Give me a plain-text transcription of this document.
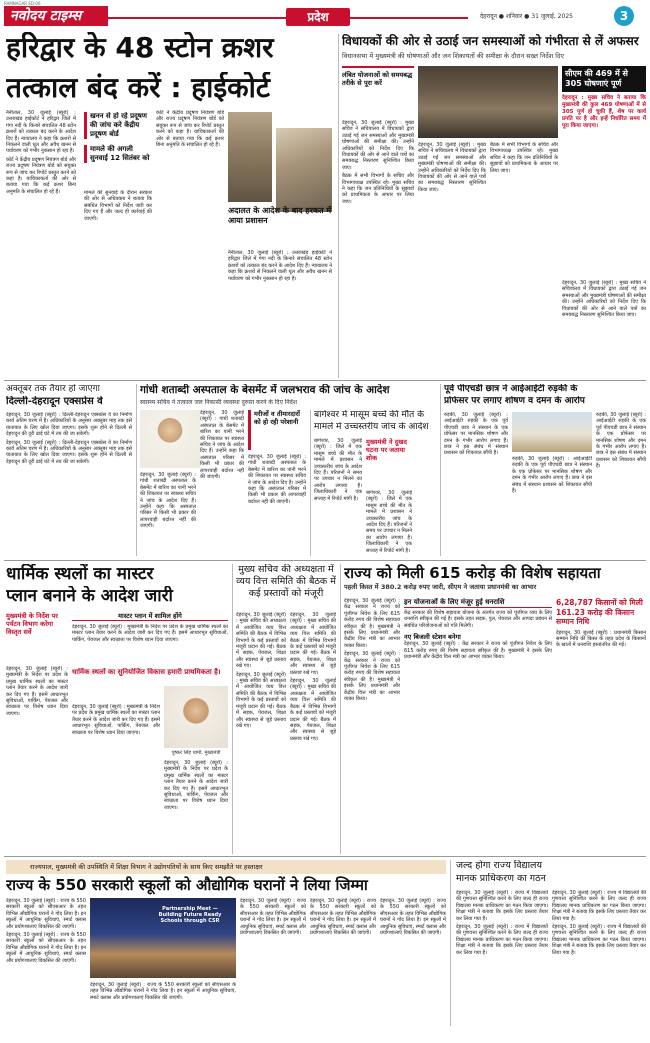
RAMNAGAR ED-06
नवोदय टाइम्स	प्रदेश	देहरादून ● शनिवार ● 31 जुलाई, 2025	3
हरिद्वार के 48 स्टोन क्रशर
तत्काल बंद करें : हाईकोर्ट

नैनीताल, 30 जुलाई (ब्यूरो) : उत्तराखंड हाईकोर्ट ने हरिद्वार जिले में गंगा नदी के किनारे संचालित 48 स्टोन क्रशरों को तत्काल बंद करने के आदेश दिए हैं। न्यायालय ने कहा कि क्रशरों से निकलने वाली धूल और अवैध खनन से पर्यावरण को गंभीर नुकसान हो रहा है।

कोर्ट ने केंद्रीय प्रदूषण नियंत्रण बोर्ड और राज्य प्रदूषण नियंत्रण बोर्ड को संयुक्त रूप से जांच कर रिपोर्ट प्रस्तुत करने को कहा है। याचिकाकर्ता की ओर से बताया गया कि कई क्रशर बिना अनुमति के संचालित हो रहे हैं।

खनन से हो रहे प्रदूषण की जांच करे केंद्रीय प्रदूषण बोर्ड
मामले की अगली सुनवाई 12 सितंबर को

मामले की सुनवाई के दौरान सरकार की ओर से अधिवक्ता ने बताया कि संबंधित विभागों को निर्देश जारी कर दिए गए हैं और जल्द ही कार्रवाई की जाएगी।

कोर्ट ने केंद्रीय प्रदूषण नियंत्रण बोर्ड और राज्य प्रदूषण नियंत्रण बोर्ड को संयुक्त रूप से जांच कर रिपोर्ट प्रस्तुत करने को कहा है। याचिकाकर्ता की ओर से बताया गया कि कई क्रशर बिना अनुमति के संचालित हो रहे हैं।

अदालत के आदेश के बाद हरकत में आया प्रशासन

नैनीताल, 30 जुलाई (ब्यूरो) : उत्तराखंड हाईकोर्ट ने हरिद्वार जिले में गंगा नदी के किनारे संचालित 48 स्टोन क्रशरों को तत्काल बंद करने के आदेश दिए हैं। न्यायालय ने कहा कि क्रशरों से निकलने वाली धूल और अवैध खनन से पर्यावरण को गंभीर नुकसान हो रहा है।

विधायकों की ओर से उठाई जन समस्याओं को गंभीरता से लें अफसर
विधानसभा में मुख्यमंत्री की घोषणाओं और जन शिकायतों की समीक्षा के दौरान सख्त निर्देश दिए
लंबित योजनाओं को समयबद्ध तरीके से पूरा करें
सीएम की 469 में से 305 घोषणाएं पूर्ण
देहरादून : मुख्य सचिव ने बताया कि मुख्यमंत्री की कुल 469 घोषणाओं में से 305 पूर्ण हो चुकी हैं, शेष पर कार्य प्रगति पर है और इन्हें निर्धारित समय में पूरा किया जाएगा।

देहरादून, 30 जुलाई (ब्यूरो) : मुख्य सचिव ने सचिवालय में विधायकों द्वारा उठाई गई जन समस्याओं और मुख्यमंत्री घोषणाओं की समीक्षा की। उन्होंने अधिकारियों को निर्देश दिए कि विधायकों की ओर से आने वाले पत्रों का समयबद्ध निस्तारण सुनिश्चित किया जाए।

बैठक में सभी विभागों के सचिव और विभागाध्यक्ष उपस्थित रहे। मुख्य सचिव ने कहा कि जन प्रतिनिधियों के सुझावों को प्राथमिकता के आधार पर लिया जाए।

देहरादून, 30 जुलाई (ब्यूरो) : मुख्य सचिव ने सचिवालय में विधायकों द्वारा उठाई गई जन समस्याओं और मुख्यमंत्री घोषणाओं की समीक्षा की। उन्होंने अधिकारियों को निर्देश दिए कि विधायकों की ओर से आने वाले पत्रों का समयबद्ध निस्तारण सुनिश्चित किया जाए।

बैठक में सभी विभागों के सचिव और विभागाध्यक्ष उपस्थित रहे। मुख्य सचिव ने कहा कि जन प्रतिनिधियों के सुझावों को प्राथमिकता के आधार पर लिया जाए।

देहरादून, 30 जुलाई (ब्यूरो) : मुख्य सचिव ने सचिवालय में विधायकों द्वारा उठाई गई जन समस्याओं और मुख्यमंत्री घोषणाओं की समीक्षा की। उन्होंने अधिकारियों को निर्देश दिए कि विधायकों की ओर से आने वाले पत्रों का समयबद्ध निस्तारण सुनिश्चित किया जाए।

अक्तूबर तक तैयार हो जाएगा
दिल्ली-देहरादून एक्सप्रेस वे

देहरादून, 30 जुलाई (ब्यूरो) : दिल्ली-देहरादून एक्सप्रेस वे का निर्माण कार्य अंतिम चरण में है। अधिकारियों के अनुसार अक्तूबर माह तक इसे यातायात के लिए खोल दिया जाएगा। इसके शुरू होने से दिल्ली से देहरादून की दूरी ढाई घंटे में तय की जा सकेगी।

देहरादून, 30 जुलाई (ब्यूरो) : दिल्ली-देहरादून एक्सप्रेस वे का निर्माण कार्य अंतिम चरण में है। अधिकारियों के अनुसार अक्तूबर माह तक इसे यातायात के लिए खोल दिया जाएगा। इसके शुरू होने से दिल्ली से देहरादून की दूरी ढाई घंटे में तय की जा सकेगी।

गांधी शताब्दी अस्पताल के बेसमेंट में जलभराव की जांच के आदेश
स्वास्थ्य सचिव ने तत्काल जल निकासी व्यवस्था दुरुस्त करने के दिए निर्देश
मरीजों व तीमारदारों को हो रही परेशानी

देहरादून, 30 जुलाई (ब्यूरो) : गांधी शताब्दी अस्पताल के बेसमेंट में बारिश का पानी भरने की शिकायत पर स्वास्थ्य सचिव ने जांच के आदेश दिए हैं। उन्होंने कहा कि अस्पताल परिसर में किसी भी प्रकार की लापरवाही बर्दाश्त नहीं की जाएगी।

देहरादून, 30 जुलाई (ब्यूरो) : गांधी शताब्दी अस्पताल के बेसमेंट में बारिश का पानी भरने की शिकायत पर स्वास्थ्य सचिव ने जांच के आदेश दिए हैं। उन्होंने कहा कि अस्पताल परिसर में किसी भी प्रकार की लापरवाही बर्दाश्त नहीं की जाएगी।

देहरादून, 30 जुलाई (ब्यूरो) : गांधी शताब्दी अस्पताल के बेसमेंट में बारिश का पानी भरने की शिकायत पर स्वास्थ्य सचिव ने जांच के आदेश दिए हैं। उन्होंने कहा कि अस्पताल परिसर में किसी भी प्रकार की लापरवाही बर्दाश्त नहीं की जाएगी।

बागेश्वर में मासूम बच्चे की मौत के
मामले में उच्चस्तरीय जांच के आदेश
मुख्यमंत्री ने दुखद घटना पर जताया शोक

बागेश्वर, 30 जुलाई (ब्यूरो) : जिले में एक मासूम बच्चे की मौत के मामले में प्रशासन ने उच्चस्तरीय जांच के आदेश दिए हैं। परिजनों ने समय पर उपचार न मिलने का आरोप लगाया है। जिलाधिकारी ने एक सप्ताह में रिपोर्ट मांगी है।

बागेश्वर, 30 जुलाई (ब्यूरो) : जिले में एक मासूम बच्चे की मौत के मामले में प्रशासन ने उच्चस्तरीय जांच के आदेश दिए हैं। परिजनों ने समय पर उपचार न मिलने का आरोप लगाया है। जिलाधिकारी ने एक सप्ताह में रिपोर्ट मांगी है।

पूर्व पीएचडी छात्र ने आईआईटी रुड़की के
प्रोफेसर पर लगाए शोषण व दमन के आरोप

रुड़की, 30 जुलाई (ब्यूरो) : आईआईटी रुड़की के एक पूर्व पीएचडी छात्र ने संस्थान के एक प्रोफेसर पर मानसिक शोषण और दमन के गंभीर आरोप लगाए हैं। छात्र ने इस संबंध में संस्थान प्रशासन को शिकायत सौंपी है।

रुड़की, 30 जुलाई (ब्यूरो) : आईआईटी रुड़की के एक पूर्व पीएचडी छात्र ने संस्थान के एक प्रोफेसर पर मानसिक शोषण और दमन के गंभीर आरोप लगाए हैं। छात्र ने इस संबंध में संस्थान प्रशासन को शिकायत सौंपी है।

रुड़की, 30 जुलाई (ब्यूरो) : आईआईटी रुड़की के एक पूर्व पीएचडी छात्र ने संस्थान के एक प्रोफेसर पर मानसिक शोषण और दमन के गंभीर आरोप लगाए हैं। छात्र ने इस संबंध में संस्थान प्रशासन को शिकायत सौंपी है।

धार्मिक स्थलों का मास्टर
प्लान बनाने के आदेश जारी
मुख्यमंत्री के निर्देश पर पर्यटन विभाग करेगा विस्तृत सर्वे
मास्टर प्लान में शामिल होंगे

देहरादून, 30 जुलाई (ब्यूरो) : मुख्यमंत्री के निर्देश पर प्रदेश के प्रमुख धार्मिक स्थलों का मास्टर प्लान तैयार करने के आदेश जारी कर दिए गए हैं। इसमें आधारभूत सुविधाओं, पार्किंग, पेयजल और स्वच्छता पर विशेष ध्यान दिया जाएगा।

धार्मिक स्थलों का सुनियोजित विकास हमारी प्राथमिकता है।
पुष्कर सिंह धामी, मुख्यमंत्री

देहरादून, 30 जुलाई (ब्यूरो) : मुख्यमंत्री के निर्देश पर प्रदेश के प्रमुख धार्मिक स्थलों का मास्टर प्लान तैयार करने के आदेश जारी कर दिए गए हैं। इसमें आधारभूत सुविधाओं, पार्किंग, पेयजल और स्वच्छता पर विशेष ध्यान दिया जाएगा।

देहरादून, 30 जुलाई (ब्यूरो) : मुख्यमंत्री के निर्देश पर प्रदेश के प्रमुख धार्मिक स्थलों का मास्टर प्लान तैयार करने के आदेश जारी कर दिए गए हैं। इसमें आधारभूत सुविधाओं, पार्किंग, पेयजल और स्वच्छता पर विशेष ध्यान दिया जाएगा।

देहरादून, 30 जुलाई (ब्यूरो) : मुख्यमंत्री के निर्देश पर प्रदेश के प्रमुख धार्मिक स्थलों का मास्टर प्लान तैयार करने के आदेश जारी कर दिए गए हैं। इसमें आधारभूत सुविधाओं, पार्किंग, पेयजल और स्वच्छता पर विशेष ध्यान दिया जाएगा।

मुख्य सचिव की अध्यक्षता में व्यय वित्त समिति की बैठक में कई प्रस्तावों को मंजूरी

देहरादून, 30 जुलाई (ब्यूरो) : मुख्य सचिव की अध्यक्षता में आयोजित व्यय वित्त समिति की बैठक में विभिन्न विभागों के कई प्रस्तावों को मंजूरी प्रदान की गई। बैठक में सड़क, पेयजल, शिक्षा और स्वास्थ्य से जुड़े प्रस्ताव रखे गए।

देहरादून, 30 जुलाई (ब्यूरो) : मुख्य सचिव की अध्यक्षता में आयोजित व्यय वित्त समिति की बैठक में विभिन्न विभागों के कई प्रस्तावों को मंजूरी प्रदान की गई। बैठक में सड़क, पेयजल, शिक्षा और स्वास्थ्य से जुड़े प्रस्ताव रखे गए।

देहरादून, 30 जुलाई (ब्यूरो) : मुख्य सचिव की अध्यक्षता में आयोजित व्यय वित्त समिति की बैठक में विभिन्न विभागों के कई प्रस्तावों को मंजूरी प्रदान की गई। बैठक में सड़क, पेयजल, शिक्षा और स्वास्थ्य से जुड़े प्रस्ताव रखे गए।

देहरादून, 30 जुलाई (ब्यूरो) : मुख्य सचिव की अध्यक्षता में आयोजित व्यय वित्त समिति की बैठक में विभिन्न विभागों के कई प्रस्तावों को मंजूरी प्रदान की गई। बैठक में सड़क, पेयजल, शिक्षा और स्वास्थ्य से जुड़े प्रस्ताव रखे गए।

राज्य को मिली 615 करोड़ की विशेष सहायता
पहली किस्त में 380.2 करोड़ रुपए जारी, सीएम ने जताया प्रधानमंत्री का आभार

देहरादून, 30 जुलाई (ब्यूरो) : केंद्र सरकार ने राज्य को पूंजीगत निवेश के लिए 615 करोड़ रुपए की विशेष सहायता स्वीकृत की है। मुख्यमंत्री ने इसके लिए प्रधानमंत्री और केंद्रीय वित्त मंत्री का आभार व्यक्त किया।

देहरादून, 30 जुलाई (ब्यूरो) : केंद्र सरकार ने राज्य को पूंजीगत निवेश के लिए 615 करोड़ रुपए की विशेष सहायता स्वीकृत की है। मुख्यमंत्री ने इसके लिए प्रधानमंत्री और केंद्रीय वित्त मंत्री का आभार व्यक्त किया।

इन योजनाओं के लिए मंजूर हुई धनराशि
केंद्र सरकार की विशेष सहायता योजना के अंतर्गत राज्य को पूंजीगत व्यय के लिए धनराशि स्वीकृत की गई है। इसके तहत सड़क, पुल, पेयजल और आपदा प्रबंधन से संबंधित परियोजनाओं को गति मिलेगी।
नए बिजली स्टेशन बनेगा
देहरादून, 30 जुलाई (ब्यूरो) : केंद्र सरकार ने राज्य को पूंजीगत निवेश के लिए 615 करोड़ रुपए की विशेष सहायता स्वीकृत की है। मुख्यमंत्री ने इसके लिए प्रधानमंत्री और केंद्रीय वित्त मंत्री का आभार व्यक्त किया।
6,28,787 किसानों को मिली 161.23 करोड़ की किसान सम्मान निधि
देहरादून, 30 जुलाई (ब्यूरो) : प्रधानमंत्री किसान सम्मान निधि की किस्त के तहत प्रदेश के किसानों के खातों में धनराशि हस्तांतरित की गई।
राज्यपाल, मुख्यमंत्री की उपस्थिति में शिक्षा विभाग ने उद्योगपतियों के साथ किए समझौते पर हस्ताक्षर
राज्य के 550 सरकारी स्कूलों को औद्योगिक घरानों ने लिया जिम्मा

देहरादून, 30 जुलाई (ब्यूरो) : राज्य के 550 सरकारी स्कूलों को सीएसआर के तहत विभिन्न औद्योगिक घरानों ने गोद लिया है। इन स्कूलों में आधुनिक सुविधाएं, स्मार्ट क्लास और प्रयोगशालाएं विकसित की जाएंगी।

देहरादून, 30 जुलाई (ब्यूरो) : राज्य के 550 सरकारी स्कूलों को सीएसआर के तहत विभिन्न औद्योगिक घरानों ने गोद लिया है। इन स्कूलों में आधुनिक सुविधाएं, स्मार्ट क्लास और प्रयोगशालाएं विकसित की जाएंगी।

Partnership Meet — Building Future Ready Schools through CSR

देहरादून, 30 जुलाई (ब्यूरो) : राज्य के 550 सरकारी स्कूलों को सीएसआर के तहत विभिन्न औद्योगिक घरानों ने गोद लिया है। इन स्कूलों में आधुनिक सुविधाएं, स्मार्ट क्लास और प्रयोगशालाएं विकसित की जाएंगी।

देहरादून, 30 जुलाई (ब्यूरो) : राज्य के 550 सरकारी स्कूलों को सीएसआर के तहत विभिन्न औद्योगिक घरानों ने गोद लिया है। इन स्कूलों में आधुनिक सुविधाएं, स्मार्ट क्लास और प्रयोगशालाएं विकसित की जाएंगी।

देहरादून, 30 जुलाई (ब्यूरो) : राज्य के 550 सरकारी स्कूलों को सीएसआर के तहत विभिन्न औद्योगिक घरानों ने गोद लिया है। इन स्कूलों में आधुनिक सुविधाएं, स्मार्ट क्लास और प्रयोगशालाएं विकसित की जाएंगी।

देहरादून, 30 जुलाई (ब्यूरो) : राज्य के 550 सरकारी स्कूलों को सीएसआर के तहत विभिन्न औद्योगिक घरानों ने गोद लिया है। इन स्कूलों में आधुनिक सुविधाएं, स्मार्ट क्लास और प्रयोगशालाएं विकसित की जाएंगी।

जल्द होगा राज्य विद्यालय
मानक प्राधिकरण का गठन

देहरादून, 30 जुलाई (ब्यूरो) : राज्य में विद्यालयों की गुणवत्ता सुनिश्चित करने के लिए जल्द ही राज्य विद्यालय मानक प्राधिकरण का गठन किया जाएगा। शिक्षा मंत्री ने बताया कि इसके लिए प्रस्ताव तैयार कर लिया गया है।

देहरादून, 30 जुलाई (ब्यूरो) : राज्य में विद्यालयों की गुणवत्ता सुनिश्चित करने के लिए जल्द ही राज्य विद्यालय मानक प्राधिकरण का गठन किया जाएगा। शिक्षा मंत्री ने बताया कि इसके लिए प्रस्ताव तैयार कर लिया गया है।

देहरादून, 30 जुलाई (ब्यूरो) : राज्य में विद्यालयों की गुणवत्ता सुनिश्चित करने के लिए जल्द ही राज्य विद्यालय मानक प्राधिकरण का गठन किया जाएगा। शिक्षा मंत्री ने बताया कि इसके लिए प्रस्ताव तैयार कर लिया गया है।

देहरादून, 30 जुलाई (ब्यूरो) : राज्य में विद्यालयों की गुणवत्ता सुनिश्चित करने के लिए जल्द ही राज्य विद्यालय मानक प्राधिकरण का गठन किया जाएगा। शिक्षा मंत्री ने बताया कि इसके लिए प्रस्ताव तैयार कर लिया गया है।
